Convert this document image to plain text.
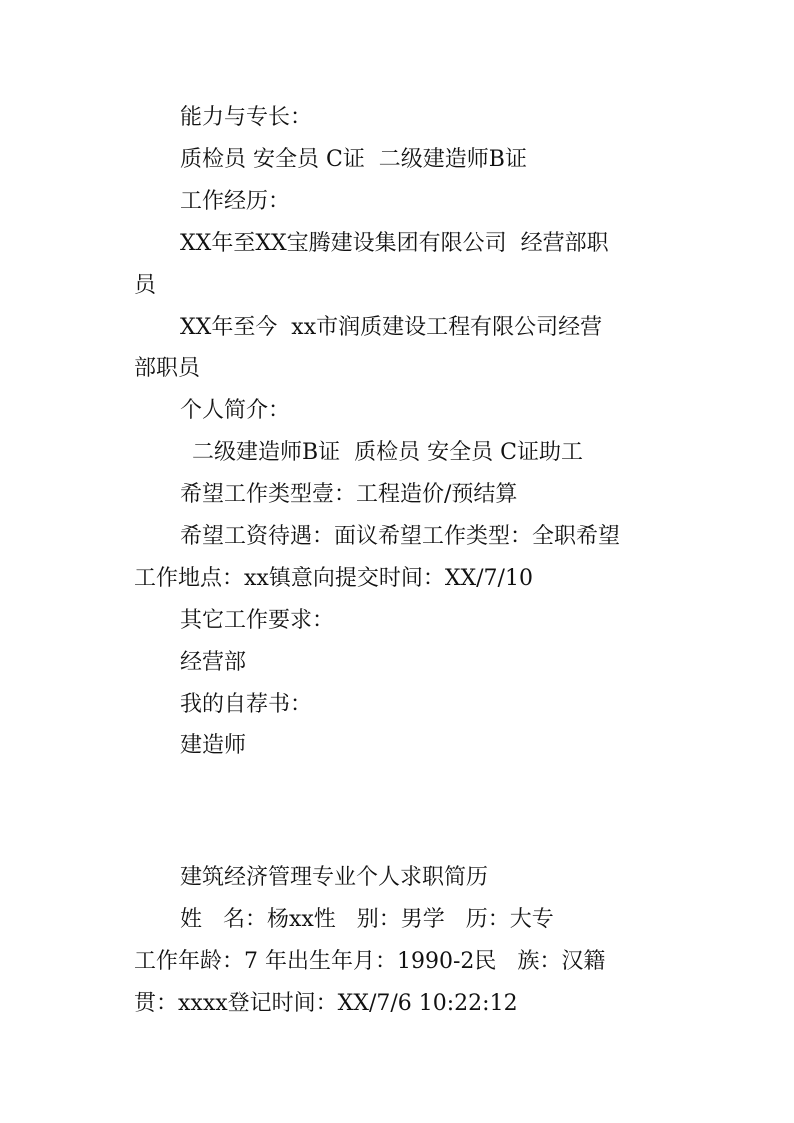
能力与专长：
质检员 安全员 C证  二级建造师B证
工作经历：
XX年至XX宝腾建设集团有限公司  经营部职
员
XX年至今  xx市润质建设工程有限公司经营
部职员
个人简介：
二级建造师B证  质检员 安全员 C证助工
希望工作类型壹：工程造价/预结算
希望工资待遇：面议希望工作类型：全职希望
工作地点：xx镇意向提交时间：XX/7/10
其它工作要求：
经营部
我的自荐书：
建造师
建筑经济管理专业个人求职简历
姓   名：杨xx性   别：男学   历：大专
工作年龄：7 年出生年月：1990-2民   族：汉籍
贯：xxxx登记时间：XX/7/6 10:22:12
